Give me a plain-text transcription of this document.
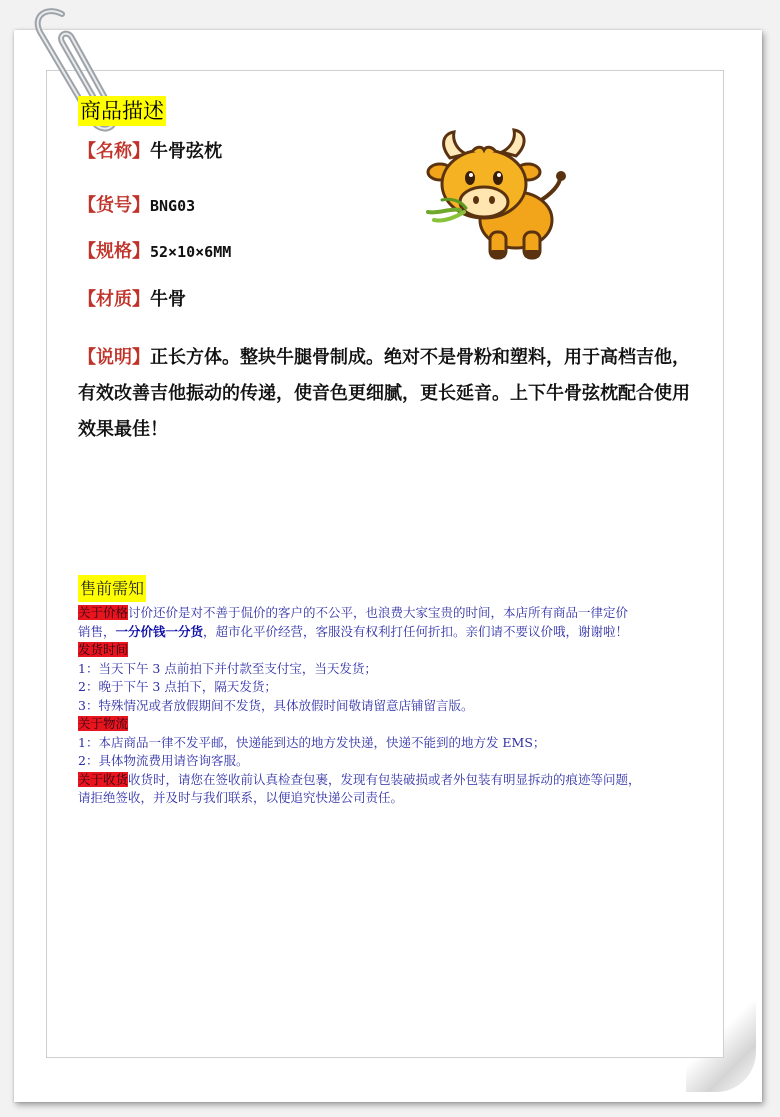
商品描述
【名称】牛骨弦枕
【货号】BNG03
【规格】52×10×6MM
【材质】牛骨
【说明】正长方体。整块牛腿骨制成。绝对不是骨粉和塑料，用于高档吉他，有效改善吉他振动的传递，使音色更细腻，更长延音。上下牛骨弦枕配合使用效果最佳！
售前需知

关于价格讨价还价是对不善于侃价的客户的不公平，也浪费大家宝贵的时间，本店所有商品一律定价

销售，一分价钱一分货，超市化平价经营，客服没有权利打任何折扣。亲们请不要议价哦，谢谢啦！

发货时间

1：当天下午 3 点前拍下并付款至支付宝，当天发货；

2：晚于下午 3 点拍下，隔天发货；

3：特殊情况或者放假期间不发货，具体放假时间敬请留意店铺留言版。

关于物流

1：本店商品一律不发平邮，快递能到达的地方发快递，快递不能到的地方发 EMS；

2：具体物流费用请咨询客服。

关于收货收货时，请您在签收前认真检查包裹，发现有包装破损或者外包装有明显拆动的痕迹等问题，

请拒绝签收，并及时与我们联系，以便追究快递公司责任。
